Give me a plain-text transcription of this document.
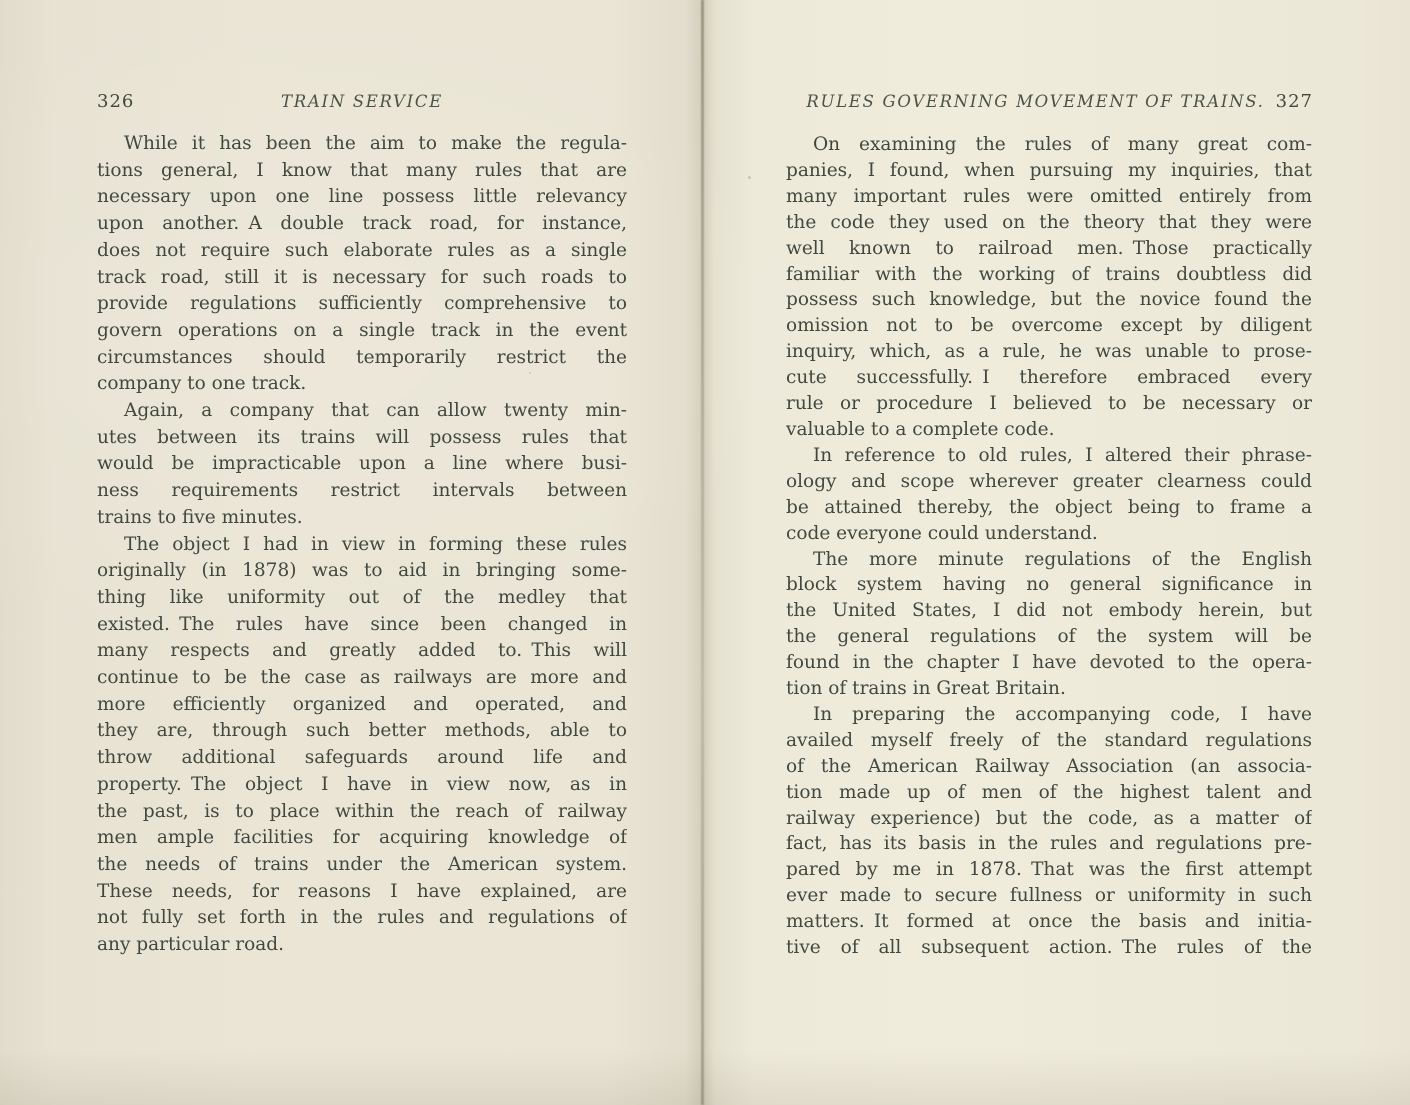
326	TRAIN SERVICE

While it has been the aim to make the regula-
tions general, I know that many rules that are
necessary upon one line possess little relevancy
upon another. A double track road, for instance,
does not require such elaborate rules as a single
track road, still it is necessary for such roads to
provide regulations sufficiently comprehensive to
govern operations on a single track in the event
circumstances should temporarily restrict the
company to one track.

Again, a company that can allow twenty min-
utes between its trains will possess rules that
would be impracticable upon a line where busi-
ness requirements restrict intervals between
trains to five minutes.

The object I had in view in forming these rules
originally (in 1878) was to aid in bringing some-
thing like uniformity out of the medley that
existed. The rules have since been changed in
many respects and greatly added to. This will
continue to be the case as railways are more and
more efficiently organized and operated, and
they are, through such better methods, able to
throw additional safeguards around life and
property. The object I have in view now, as in
the past, is to place within the reach of railway
men ample facilities for acquiring knowledge of
the needs of trains under the American system.
These needs, for reasons I have explained, are
not fully set forth in the rules and regulations of
any particular road.

RULES GOVERNING MOVEMENT OF TRAINS. 327

On examining the rules of many great com-
panies, I found, when pursuing my inquiries, that
many important rules were omitted entirely from
the code they used on the theory that they were
well known to railroad men. Those practically
familiar with the working of trains doubtless did
possess such knowledge, but the novice found the
omission not to be overcome except by diligent
inquiry, which, as a rule, he was unable to prose-
cute successfully. I therefore embraced every
rule or procedure I believed to be necessary or
valuable to a complete code.

In reference to old rules, I altered their phrase-
ology and scope wherever greater clearness could
be attained thereby, the object being to frame a
code everyone could understand.

The more minute regulations of the English
block system having no general significance in
the United States, I did not embody herein, but
the general regulations of the system will be
found in the chapter I have devoted to the opera-
tion of trains in Great Britain.

In preparing the accompanying code, I have
availed myself freely of the standard regulations
of the American Railway Association (an associa-
tion made up of men of the highest talent and
railway experience) but the code, as a matter of
fact, has its basis in the rules and regulations pre-
pared by me in 1878. That was the first attempt
ever made to secure fullness or uniformity in such
matters. It formed at once the basis and initia-
tive of all subsequent action. The rules of the
